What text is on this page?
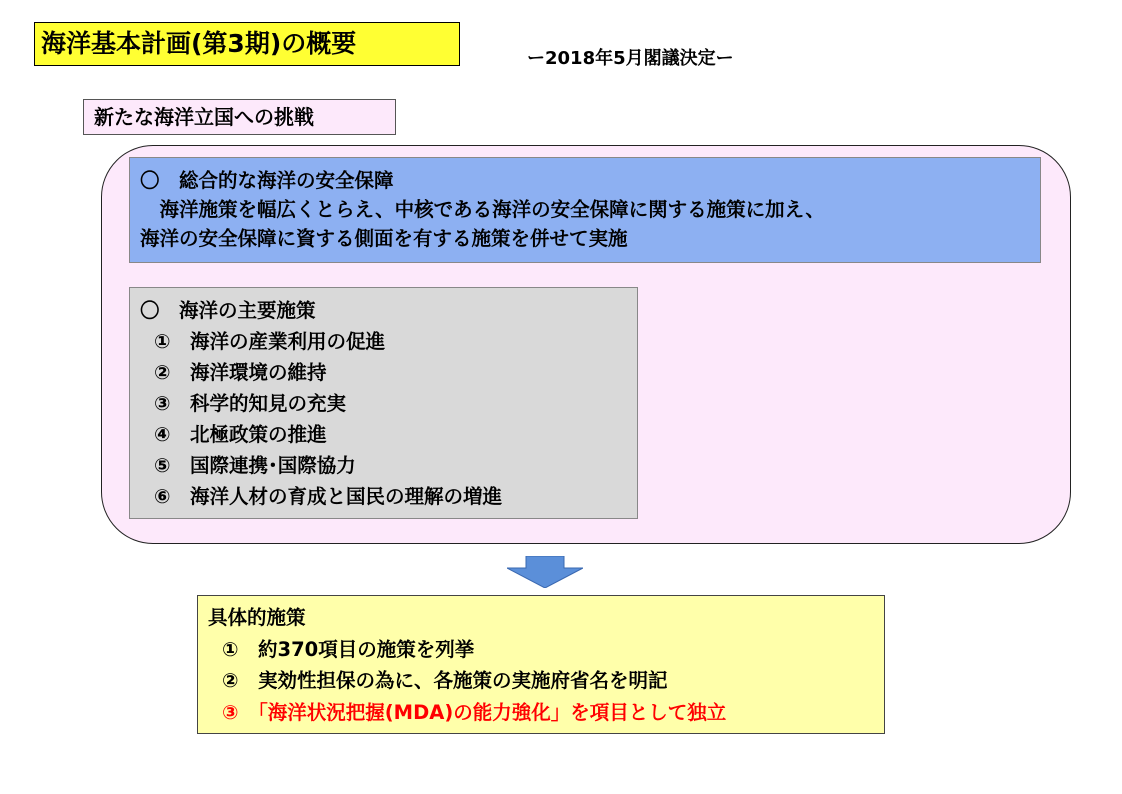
海洋基本計画(第3期)の概要
ー2018年5月閣議決定ー
新たな海洋立国への挑戦
〇　総合的な海洋の安全保障
　海洋施策を幅広くとらえ、中核である海洋の安全保障に関する施策に加え、
海洋の安全保障に資する側面を有する施策を併せて実施
〇　海洋の主要施策
①　海洋の産業利用の促進
②　海洋環境の維持
③　科学的知見の充実
④　北極政策の推進
⑤　国際連携･国際協力
⑥　海洋人材の育成と国民の理解の増進
具体的施策
①　約370項目の施策を列挙
②　実効性担保の為に、各施策の実施府省名を明記
③　「海洋状況把握(MDA)の能力強化」を項目として独立
